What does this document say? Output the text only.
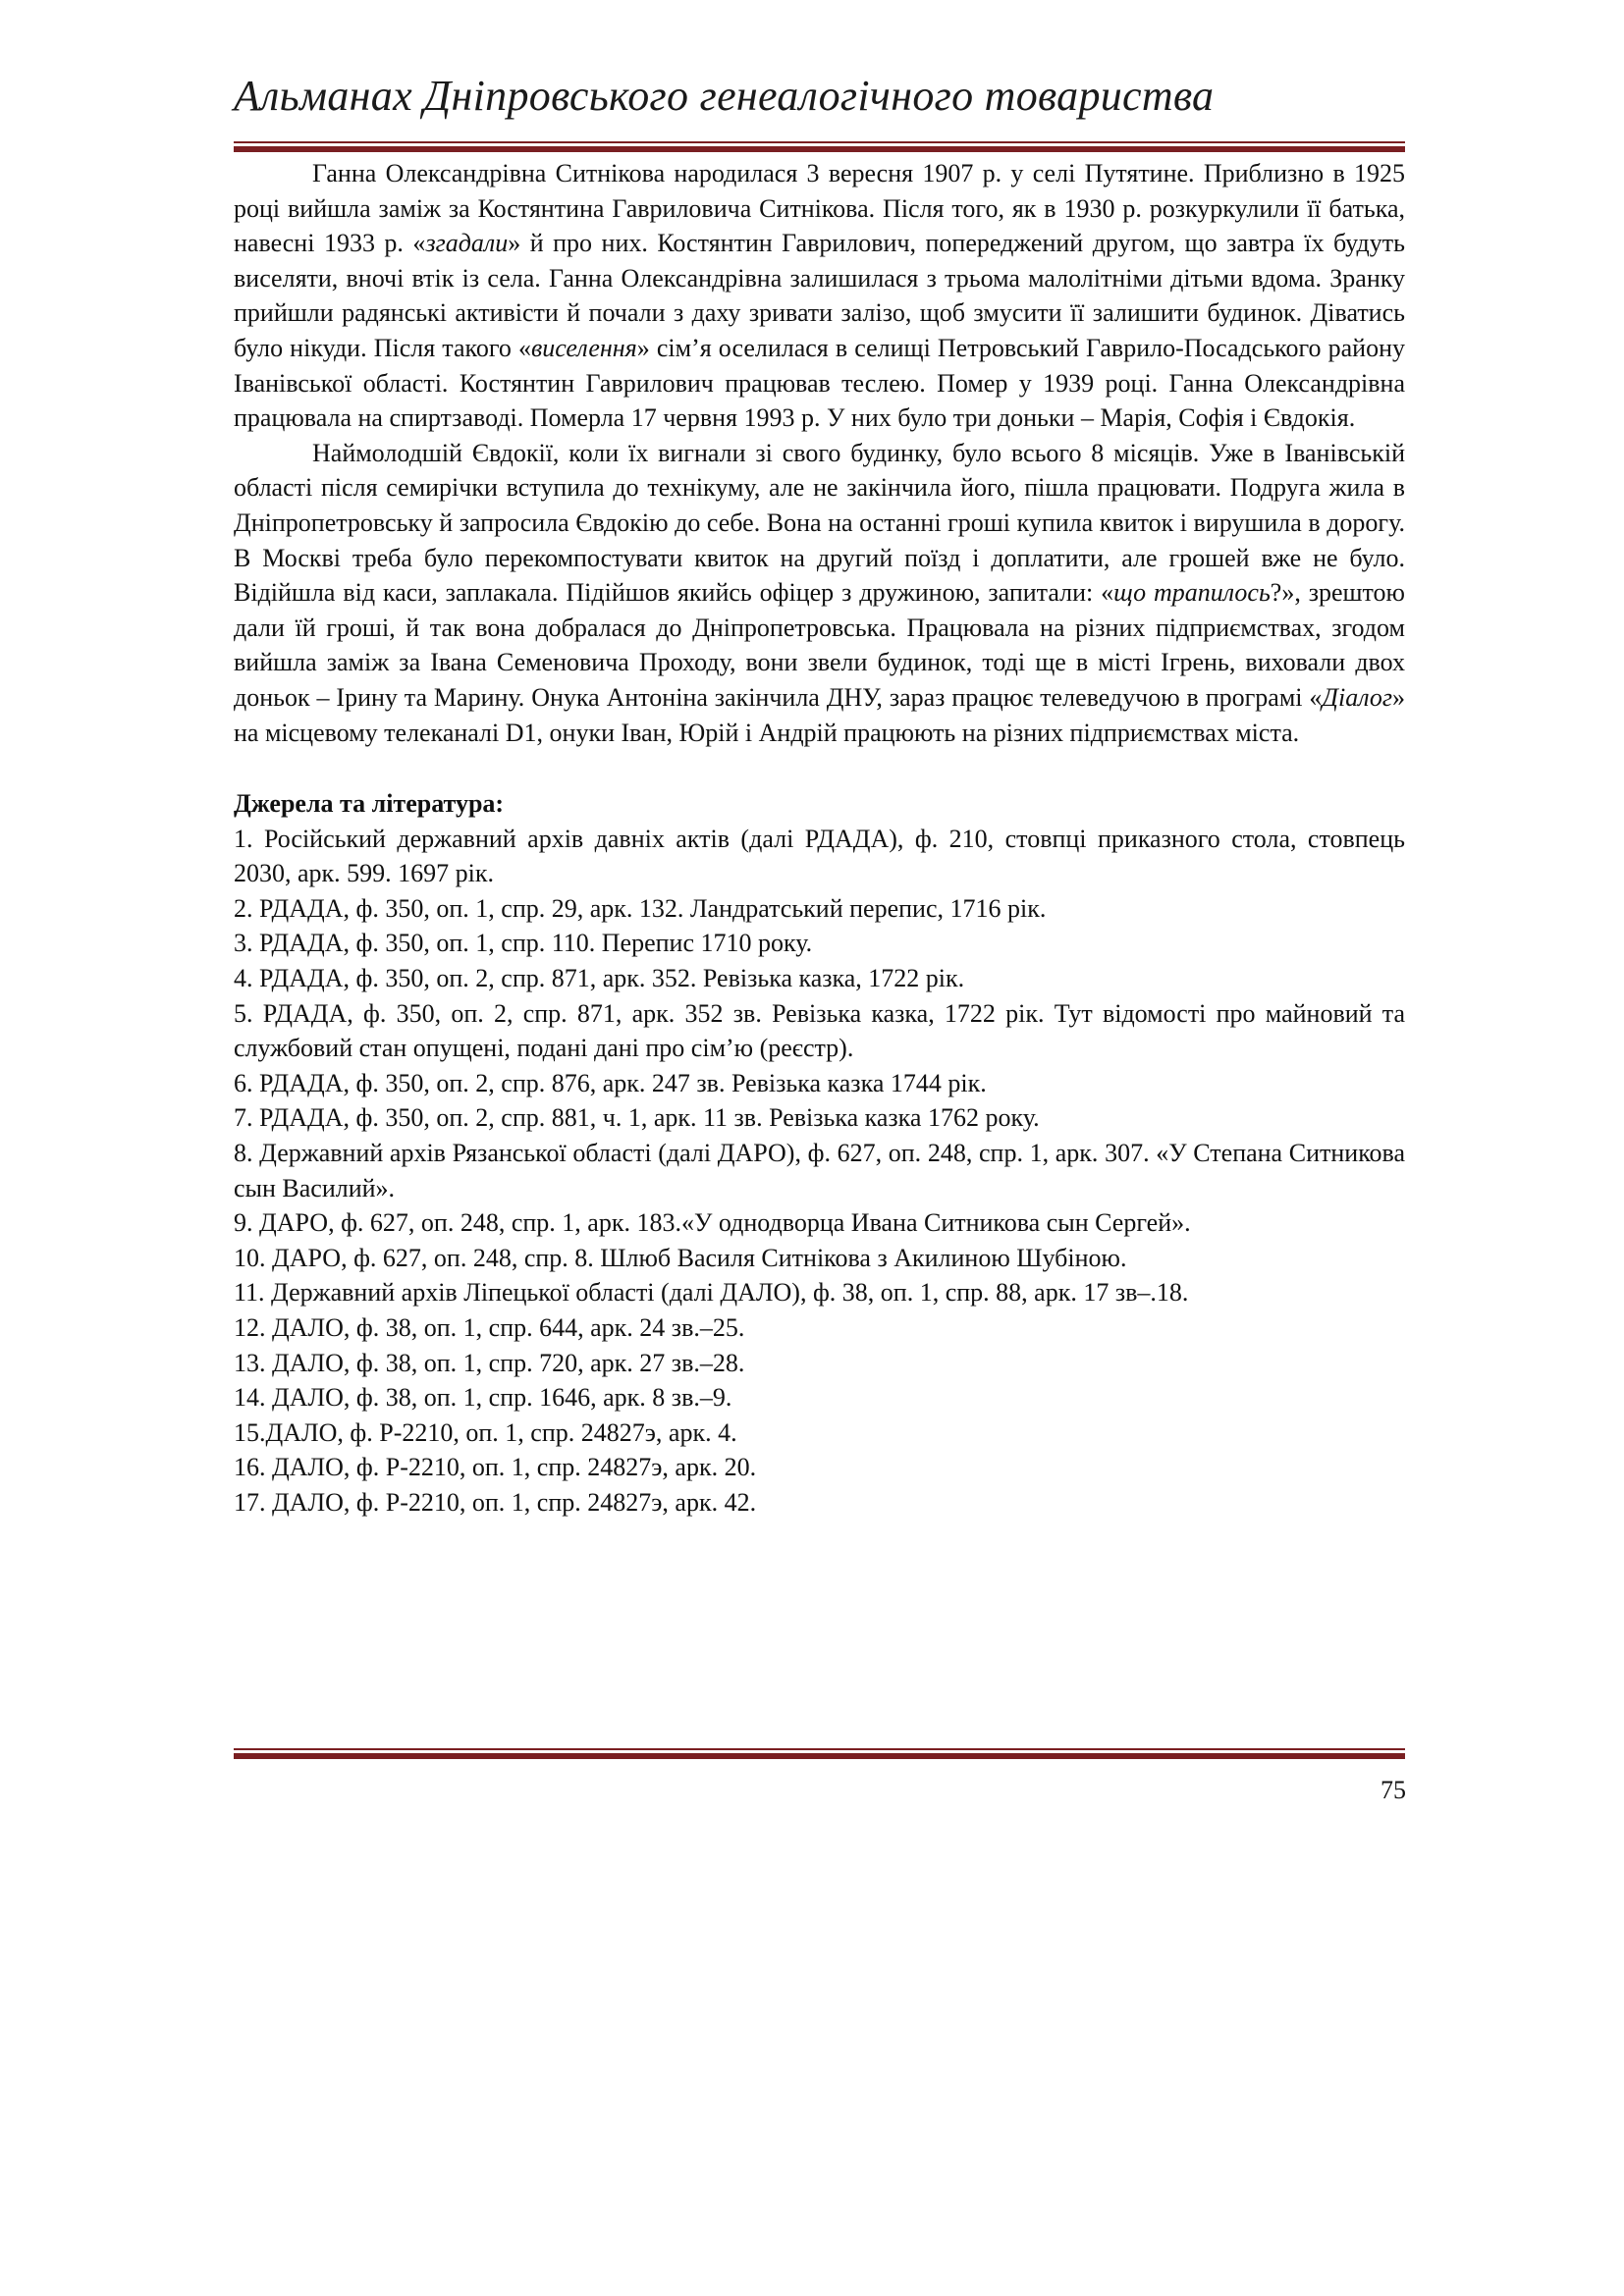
Альманах Дніпровського генеалогічного товариства

Ганна Олександрівна Ситнікова народилася 3 вересня 1907 р. у селі Путятине. Приблизно в 1925 році вийшла заміж за Костянтина Гавриловича Ситнікова. Після того, як в 1930 р. розкуркулили її батька, навесні 1933 р. «згадали» й про них. Костянтин Гаврилович, попереджений другом, що завтра їх будуть виселяти, вночі втік із села. Ганна Олександрівна залишилася з трьома малолітніми дітьми вдома. Зранку прийшли радянські активісти й почали з даху зривати залізо, щоб змусити її залишити будинок. Діватись було нікуди. Після такого «виселення» сім’я оселилася в селищі Петровський Гаврило-Посадського району Іванівської області. Костянтин Гаврилович працював теслею. Помер у 1939 році. Ганна Олександрівна працювала на спиртзаводі. Померла 17 червня 1993 р. У них було три доньки – Марія, Софія і Євдокія.

Наймолодшій Євдокії, коли їх вигнали зі свого будинку, було всього 8 місяців. Уже в Іванівській області після семирічки вступила до технікуму, але не закінчила його, пішла працювати. Подруга жила в Дніпропетровську й запросила Євдокію до себе. Вона на останні гроші купила квиток і вирушила в дорогу. В Москві треба було перекомпостувати квиток на другий поїзд і доплатити, але грошей вже не було. Відійшла від каси, заплакала. Підійшов якийсь офіцер з дружиною, запитали: «що трапилось?», зрештою дали їй гроші, й так вона добралася до Дніпропетровська. Працювала на різних підприємствах, згодом вийшла заміж за Івана Семеновича Проходу, вони звели будинок, тоді ще в місті Ігрень, виховали двох доньок – Ірину та Марину. Онука Антоніна закінчила ДНУ, зараз працює телеведучою в програмі «Діалог» на місцевому телеканалі D1, онуки Іван, Юрій і Андрій працюють на різних підприємствах міста.

Джерела та література:
1. Російський державний архів давніх актів (далі РДАДА), ф. 210, стовпці приказного стола, стовпець 2030, арк. 599. 1697 рік.
2. РДАДА, ф. 350, оп. 1, спр. 29, арк. 132. Ландратський перепис, 1716 рік.
3. РДАДА, ф. 350, оп. 1, спр. 110. Перепис 1710 року.
4. РДАДА, ф. 350, оп. 2, спр. 871, арк. 352. Ревізька казка, 1722 рік.
5. РДАДА, ф. 350, оп. 2, спр. 871, арк. 352 зв. Ревізька казка, 1722 рік. Тут відомості про майновий та службовий стан опущені, подані дані про сім’ю (реєстр).
6. РДАДА, ф. 350, оп. 2, спр. 876, арк. 247 зв. Ревізька казка 1744 рік.
7. РДАДА, ф. 350, оп. 2, спр. 881, ч. 1, арк. 11 зв. Ревізька казка 1762 року.
8. Державний архів Рязанської області (далі ДАРО), ф. 627, оп. 248, спр. 1, арк. 307. «У Степана Ситникова сын Василий».
9. ДАРО, ф. 627, оп. 248, спр. 1, арк. 183.«У однодворца Ивана Ситникова сын Сергей».
10. ДАРО, ф. 627, оп. 248, спр. 8. Шлюб Василя Ситнікова з Акилиною Шубіною.
11. Державний архів Ліпецької області (далі ДАЛО), ф. 38, оп. 1, спр. 88, арк. 17 зв–.18.
12. ДАЛО, ф. 38, оп. 1, спр. 644, арк. 24 зв.–25.
13. ДАЛО, ф. 38, оп. 1, спр. 720, арк. 27 зв.–28.
14. ДАЛО, ф. 38, оп. 1, спр. 1646, арк. 8 зв.–9.
15.ДАЛО, ф. Р-2210, оп. 1, спр. 24827э, арк. 4.
16. ДАЛО, ф. Р-2210, оп. 1, спр. 24827э, арк. 20.
17. ДАЛО, ф. Р-2210, оп. 1, спр. 24827э, арк. 42.
75
